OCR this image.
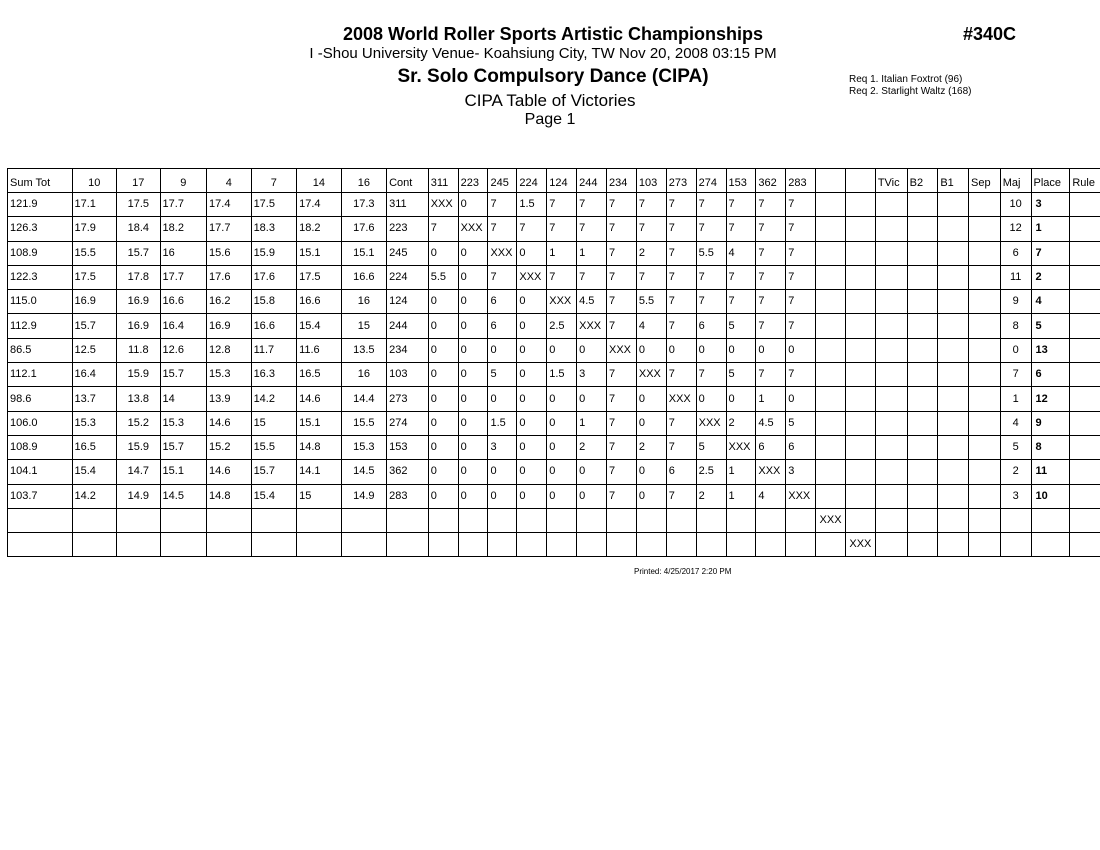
2008 World Roller Sports Artistic Championships
I -Shou University Venue- Koahsiung City, TW Nov 20, 2008 03:15 PM
Sr. Solo Compulsory Dance (CIPA)
CIPA Table of Victories
Page 1
#340C
Req 1. Italian Foxtrot (96)
Req 2. Starlight Waltz (168)
Sum Tot	10	17	9	4	7	14	16	Cont	311	223	245	224	124	244	234	103	273	274	153	362	283			TVic	B2	B1	Sep	Maj	Place	Rule
121.9	17.1	17.5	17.7	17.4	17.5	17.4	17.3	311	XXX	0	7	1.5	7	7	7	7	7	7	7	7	7							10	3	
126.3	17.9	18.4	18.2	17.7	18.3	18.2	17.6	223	7	XXX	7	7	7	7	7	7	7	7	7	7	7							12	1	
108.9	15.5	15.7	16	15.6	15.9	15.1	15.1	245	0	0	XXX	0	1	1	7	2	7	5.5	4	7	7							6	7	
122.3	17.5	17.8	17.7	17.6	17.6	17.5	16.6	224	5.5	0	7	XXX	7	7	7	7	7	7	7	7	7							11	2	
115.0	16.9	16.9	16.6	16.2	15.8	16.6	16	124	0	0	6	0	XXX	4.5	7	5.5	7	7	7	7	7							9	4	
112.9	15.7	16.9	16.4	16.9	16.6	15.4	15	244	0	0	6	0	2.5	XXX	7	4	7	6	5	7	7							8	5	
86.5	12.5	11.8	12.6	12.8	11.7	11.6	13.5	234	0	0	0	0	0	0	XXX	0	0	0	0	0	0							0	13	
112.1	16.4	15.9	15.7	15.3	16.3	16.5	16	103	0	0	5	0	1.5	3	7	XXX	7	7	5	7	7							7	6	
98.6	13.7	13.8	14	13.9	14.2	14.6	14.4	273	0	0	0	0	0	0	7	0	XXX	0	0	1	0							1	12	
106.0	15.3	15.2	15.3	14.6	15	15.1	15.5	274	0	0	1.5	0	0	1	7	0	7	XXX	2	4.5	5							4	9	
108.9	16.5	15.9	15.7	15.2	15.5	14.8	15.3	153	0	0	3	0	0	2	7	2	7	5	XXX	6	6							5	8	
104.1	15.4	14.7	15.1	14.6	15.7	14.1	14.5	362	0	0	0	0	0	0	7	0	6	2.5	1	XXX	3							2	11	
103.7	14.2	14.9	14.5	14.8	15.4	15	14.9	283	0	0	0	0	0	0	7	0	7	2	1	4	XXX							3	10	
																						XXX								
																							XXX							
Printed: 4/25/2017 2:20 PM
